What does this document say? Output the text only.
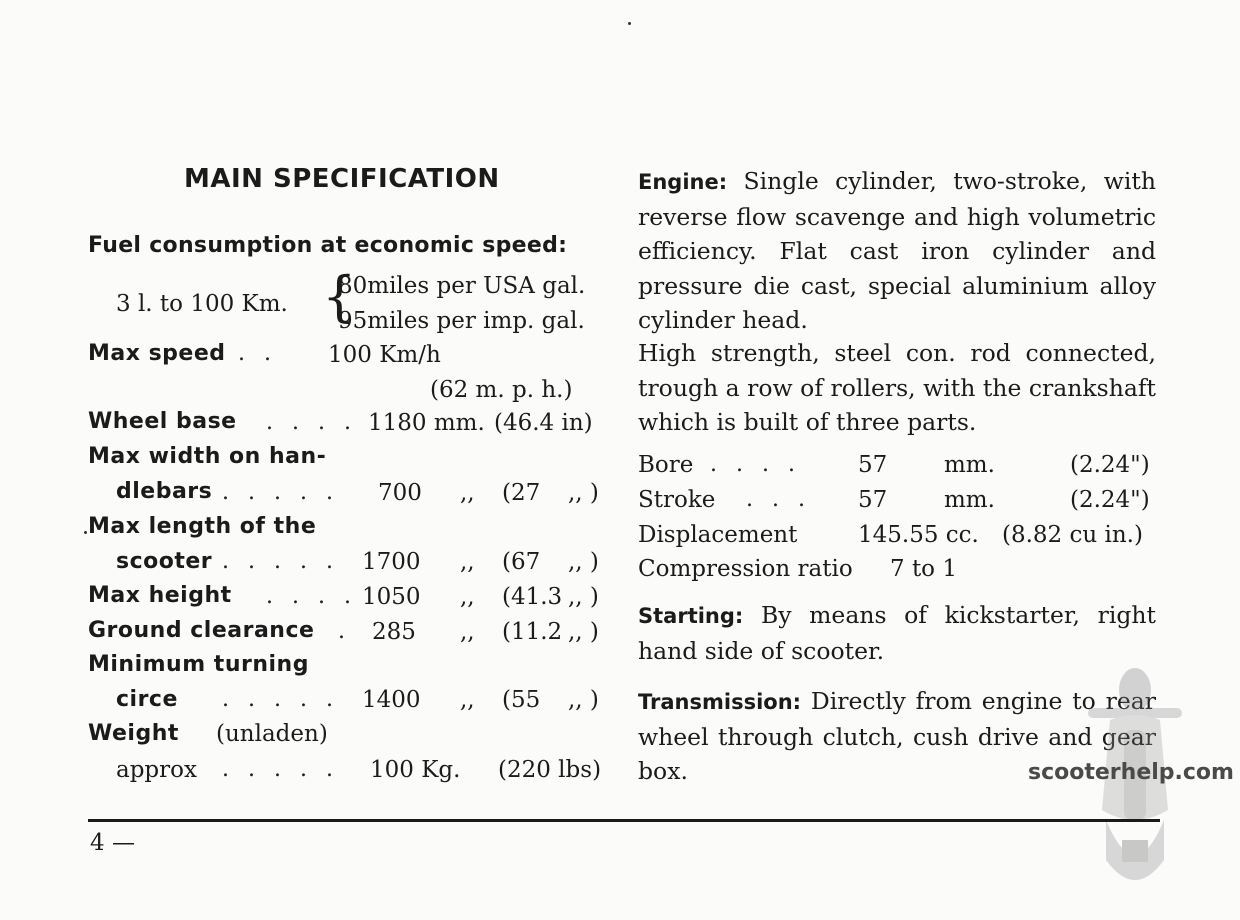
MAIN SPECIFICATION
Fuel consumption at economic speed:
3 l. to 100 Km. {
80miles per USA gal.
95miles per imp. gal.
Max speed . . 100 Km/h
(62 m. p. h.)
Wheel base . . . . 1180 mm. (46.4 in)
Max width on han-
dlebars . . . . . 700 ,, (27 ,, )
Max length of the
scooter . . . . . 1700 ,, (67 ,, )
Max height . . . . 1050 ,, (41.3 ,, )
Ground clearance . 285 ,, (11.2 ,, )
Minimum turning
circe . . . . . 1400 ,, (55 ,, )
Weight (unladen)
approx . . . . . 100 Kg. (220 lbs)
Engine: Single cylinder, two-stroke, with reverse flow scavenge and high volumetric efficiency. Flat cast iron cylinder and pressure die cast, special aluminium alloy cylinder head.
High strength, steel con. rod connected, trough a row of rollers, with the crankshaft which is built of three parts.
Bore . . . . 57 mm.	(2.24")
Stroke . . . 57 mm.	(2.24")
Displacement	145.55 cc. (8.82 cu in.)
Compression ratio 7 to 1
Starting: By means of kickstarter, right hand side of scooter.
Transmission: Directly from engine to rear wheel through clutch, cush drive and gear box.	scooterhelp.com
4 —
